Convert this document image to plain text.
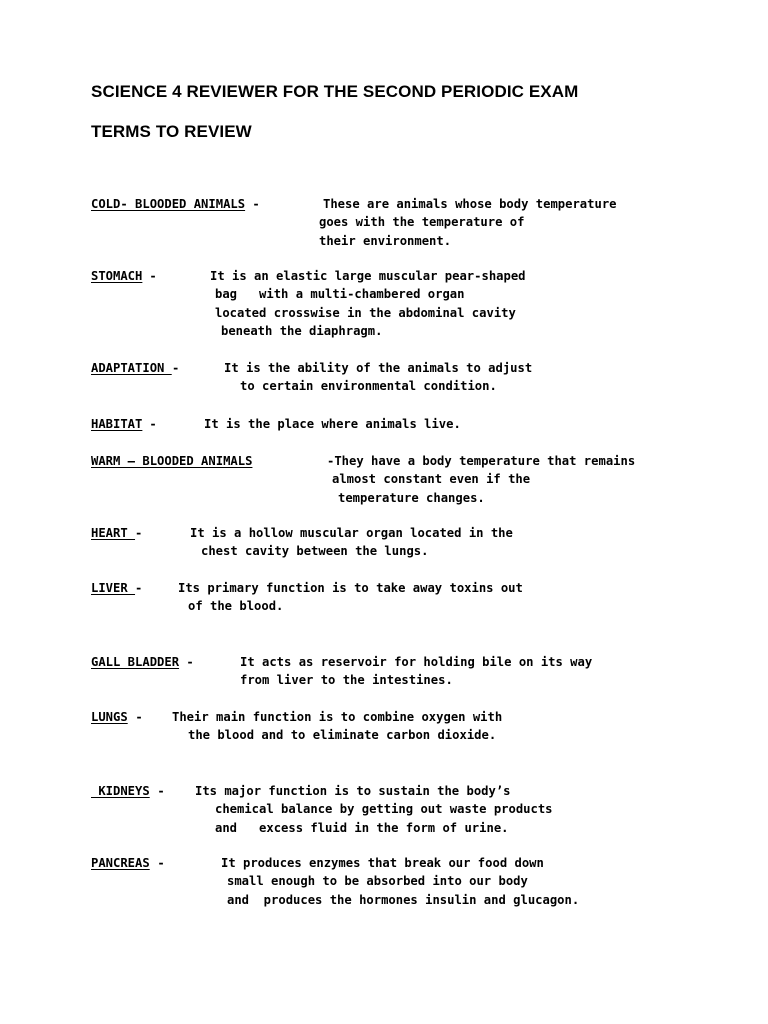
SCIENCE 4 REVIEWER FOR THE SECOND PERIODIC EXAM
TERMS TO REVIEW
COLD- BLOODED ANIMALS -	These are animals whose body temperature
goes with the temperature of
their environment.
STOMACH -	It is an elastic large muscular pear-shaped
bag   with a multi-chambered organ
located crosswise in the abdominal cavity
beneath the diaphragm.
ADAPTATION -	It is the ability of the animals to adjust
to certain environmental condition.
HABITAT -	It is the place where animals live.
WARM – BLOODED ANIMALS
	-They have a body temperature that remains
almost constant even if the
temperature changes.
HEART -	It is a hollow muscular organ located in the
chest cavity between the lungs.
LIVER - Its primary function is to take away toxins out
of the blood.
GALL BLADDER -	It acts as reservoir for holding bile on its way
from liver to the intestines.
LUNGS - Their main function is to combine oxygen with
the blood and to eliminate carbon dioxide.
KIDNEYS - Its major function is to sustain the body’s
chemical balance by getting out waste products
and   excess fluid in the form of urine.
PANCREAS -	It produces enzymes that break our food down
small enough to be absorbed into our body
and  produces the hormones insulin and glucagon.
